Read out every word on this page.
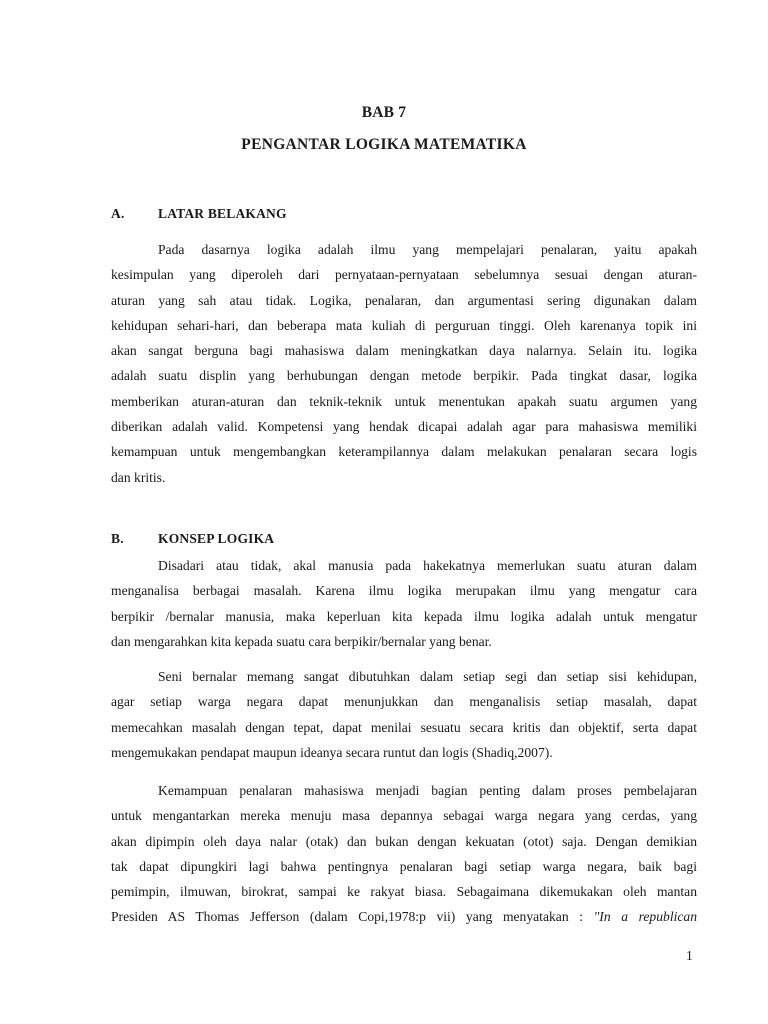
BAB 7
PENGANTAR LOGIKA MATEMATIKA
A. LATAR BELAKANG
Pada dasarnya logika adalah ilmu yang mempelajari penalaran, yaitu apakah
kesimpulan yang diperoleh dari pernyataan-pernyataan sebelumnya sesuai dengan aturan-
aturan yang sah atau tidak. Logika, penalaran, dan argumentasi sering digunakan dalam
kehidupan sehari-hari, dan beberapa mata kuliah di perguruan tinggi. Oleh karenanya topik ini
akan sangat berguna bagi mahasiswa dalam meningkatkan daya nalarnya. Selain itu. logika
adalah suatu displin yang berhubungan dengan metode berpikir. Pada tingkat dasar, logika
memberikan aturan-aturan dan teknik-teknik untuk menentukan apakah suatu argumen yang
diberikan adalah valid. Kompetensi yang hendak dicapai adalah agar para mahasiswa memiliki
kemampuan untuk mengembangkan keterampilannya dalam melakukan penalaran secara logis
dan kritis.
B.	KONSEP LOGIKA
Disadari atau tidak, akal manusia pada hakekatnya memerlukan suatu aturan dalam
menganalisa berbagai masalah. Karena ilmu logika merupakan ilmu yang mengatur cara
berpikir /bernalar manusia, maka keperluan kita kepada ilmu logika adalah untuk mengatur
dan mengarahkan kita kepada suatu cara berpikir/bernalar yang benar.
Seni bernalar memang sangat dibutuhkan dalam setiap segi dan setiap sisi kehidupan,
agar setiap warga negara dapat menunjukkan dan menganalisis setiap masalah, dapat
memecahkan masalah dengan tepat, dapat menilai sesuatu secara kritis dan objektif, serta dapat
mengemukakan pendapat maupun ideanya secara runtut dan logis (Shadiq,2007).
Kemampuan penalaran mahasiswa menjadi bagian penting dalam proses pembelajaran
untuk mengantarkan mereka menuju masa depannya sebagai warga negara yang cerdas, yang
akan dipimpin oleh daya nalar (otak) dan bukan dengan kekuatan (otot) saja. Dengan demikian
tak dapat dipungkiri lagi bahwa pentingnya penalaran bagi setiap warga negara, baik bagi
pemimpin, ilmuwan, birokrat, sampai ke rakyat biasa. Sebagaimana dikemukakan oleh mantan
Presiden AS Thomas Jefferson (dalam Copi,1978:p vii) yang menyatakan : "In a republican
1
